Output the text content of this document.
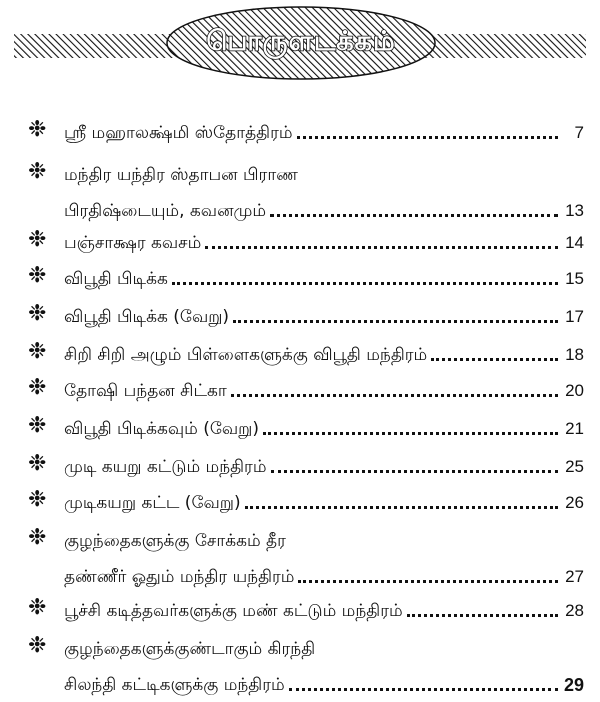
பொருளடக்கம்
❉	ஸ்ரீ மஹாலக்ஷ்மி ஸ்தோத்திரம்	7
❉	மந்திர யந்திர ஸ்தாபன பிராண
பிரதிஷ்டையும், கவனமும்	13
❉	பஞ்சாக்ஷர கவசம்	14
❉	விபூதி பிடிக்க	15
❉	விபூதி பிடிக்க (வேறு)	17
❉	சிறி சிறி அழும் பிள்ளைகளுக்கு விபூதி மந்திரம்	18
❉	தோஷி பந்தன சிட்கா	20
❉	விபூதி பிடிக்கவும் (வேறு)	21
❉	முடி கயறு கட்டும் மந்திரம்	25
❉	முடிகயறு கட்ட (வேறு)	26
❉	குழந்தைகளுக்கு சோக்கம் தீர
தண்ணீர் ஓதும் மந்திர யந்திரம்	27
❉	பூச்சி கடித்தவர்களுக்கு மண் கட்டும் மந்திரம்	28
❉	குழந்தைகளுக்குண்டாகும் கிரந்தி
சிலந்தி கட்டிகளுக்கு மந்திரம்	29
